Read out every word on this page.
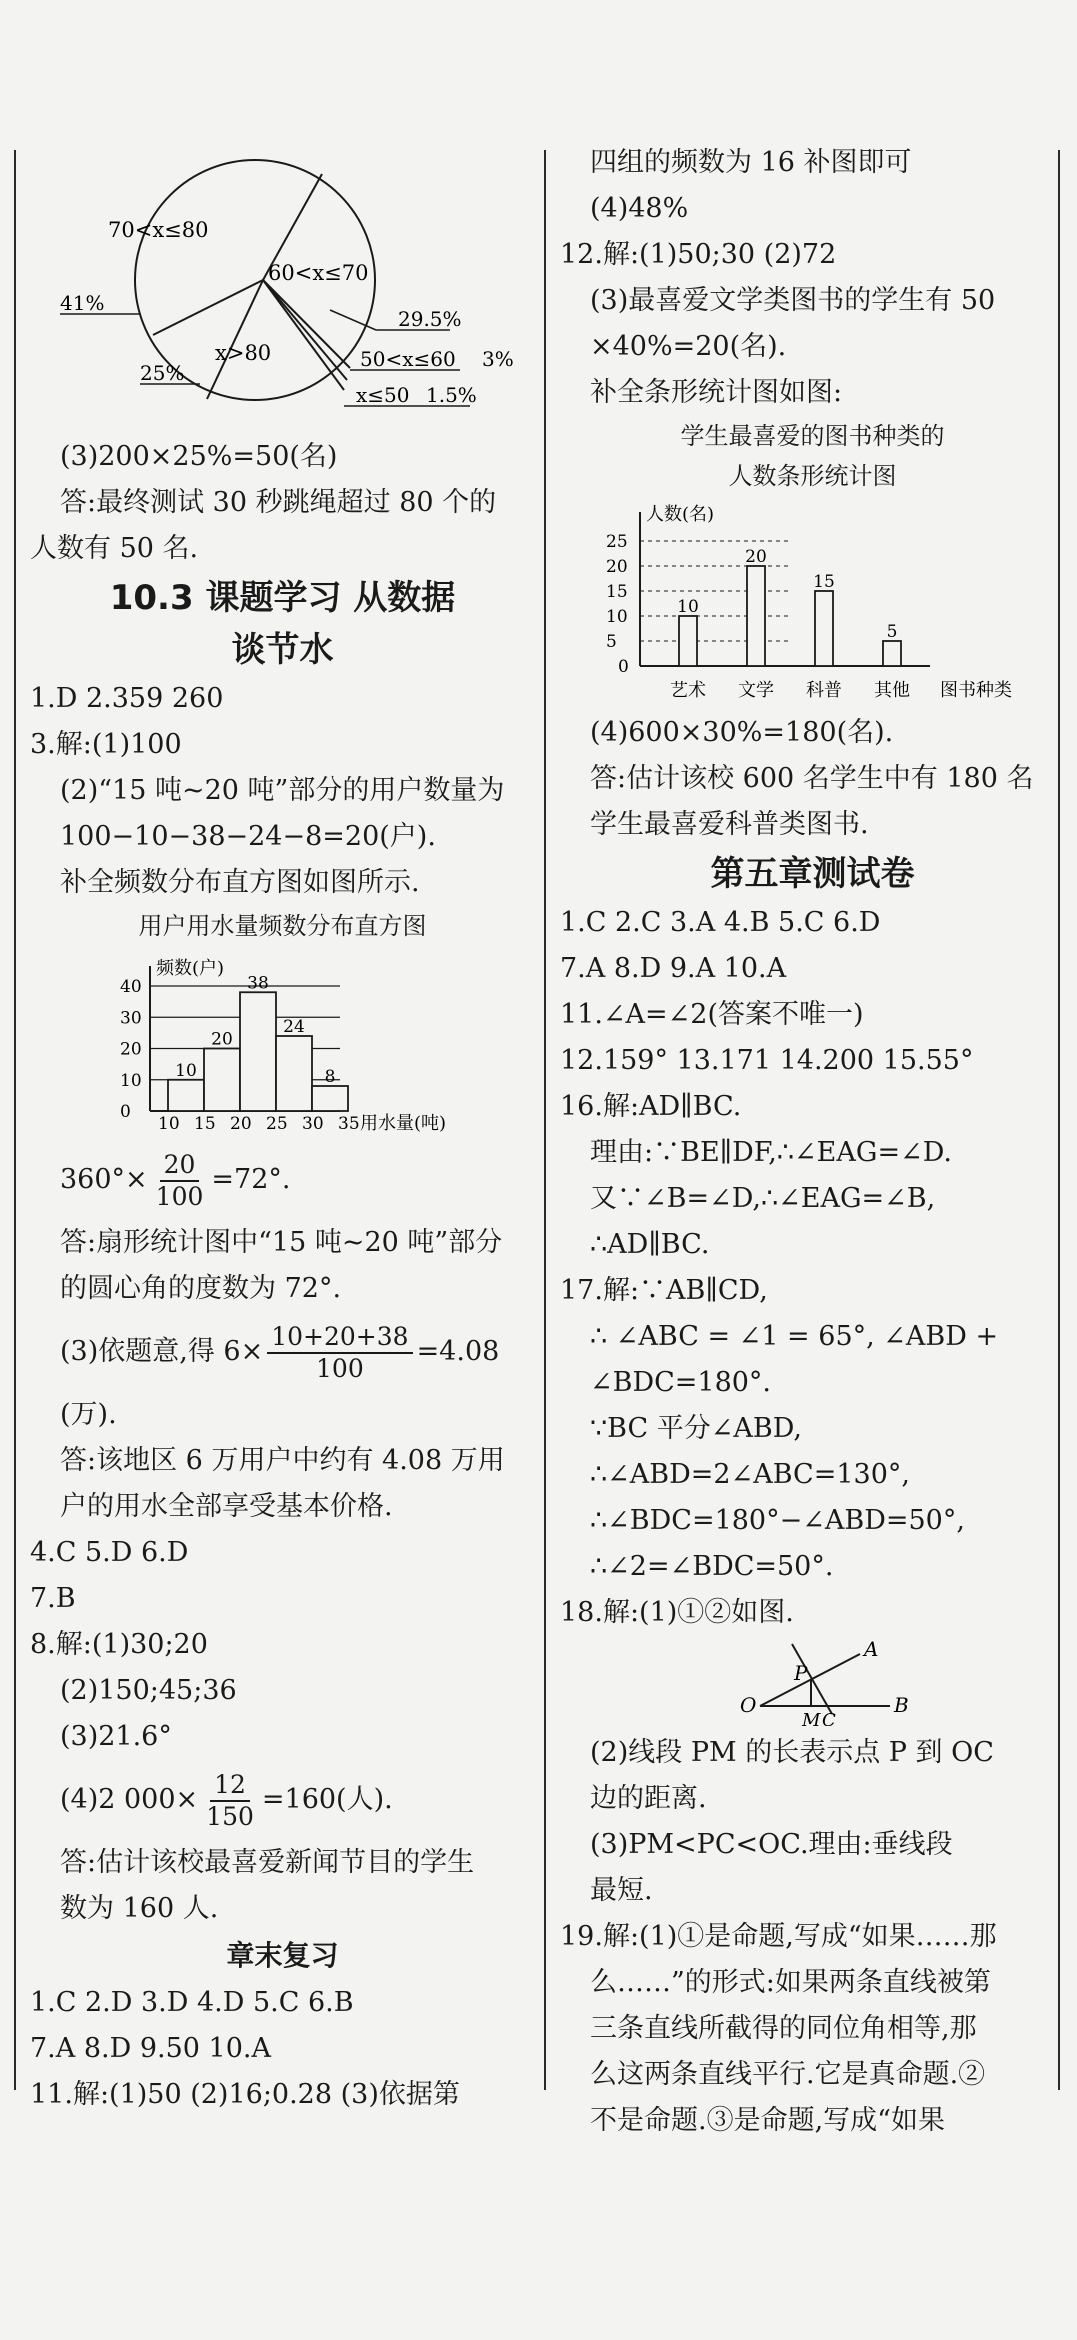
70<x≤80
60<x≤70
41%
29.5%
x>80
25%
50<x≤60 3%
x≤50 1.5%

(3)200×25%=50(名)

答:最终测试 30 秒跳绳超过 80 个的

人数有 50 名.

10.3 课题学习 从数据
谈节水

1.D 2.359 260

3.解:(1)100

(2)“15 吨~20 吨”部分的用户数量为

100−10−38−24−8=20(户).

补全频数分布直方图如图所示.

用户用水量频数分布直方图
频数(户)
用水量(吨)
0
10
20
30
40
10 15 20 25 30 35
10
20
38
24
8

$360^\circ\times \frac{20}{100} =72^\circ$.

答:扇形统计图中“15 吨~20 吨”部分

的圆心角的度数为 72°.

(3)依题意,得 $6\times \frac{10+20+38}{100} =4.08$

(万).

答:该地区 6 万用户中约有 4.08 万用

户的用水全部享受基本价格.

4.C 5.D 6.D

7.B

8.解:(1)30;20

(2)150;45;36

(3)21.6°

(4)2 $000\times \frac{12}{150} =160$(人).

答:估计该校最喜爱新闻节目的学生

数为 160 人.

章末复习

1.C 2.D 3.D 4.D 5.C 6.B

7.A 8.D 9.50 10.A

11.解:(1)50 (2)16;0.28 (3)依据第

四组的频数为 16 补图即可

(4)48%

12.解:(1)50;30 (2)72

(3)最喜爱文学类图书的学生有 50

×40%=20(名).

补全条形统计图如图:

学生最喜爱的图书种类的
人数条形统计图
人数(名)
图书种类
0
5
10
15
20
25
10
艺术
20
文学
15
科普
5
其他

(4)600×30%=180(名).

答:估计该校 600 名学生中有 180 名

学生最喜爱科普类图书.

第五章测试卷

1.C 2.C 3.A 4.B 5.C 6.D

7.A 8.D 9.A 10.A

11.∠A=∠2(答案不唯一)

12.159° 13.171 14.200 15.55°

16.解:AD∥BC.

理由:∵BE∥DF,∴∠EAG=∠D.

又∵∠B=∠D,∴∠EAG=∠B,

∴AD∥BC.

17.解:∵AB∥CD,

∴ ∠ABC = ∠1 = 65°, ∠ABD +

∠BDC=180°.

∵BC 平分∠ABD,

∴∠ABD=2∠ABC=130°,

∴∠BDC=180°−∠ABD=50°,

∴∠2=∠BDC=50°.

18.解:(1)①②如图.

O
A
B
P
M C

(2)线段 PM 的长表示点 P 到 OC

边的距离.

(3)PM<PC<OC.理由:垂线段

最短.

19.解:(1)①是命题,写成“如果……那

么……”的形式:如果两条直线被第

三条直线所截得的同位角相等,那

么这两条直线平行.它是真命题.②

不是命题.③是命题,写成“如果
